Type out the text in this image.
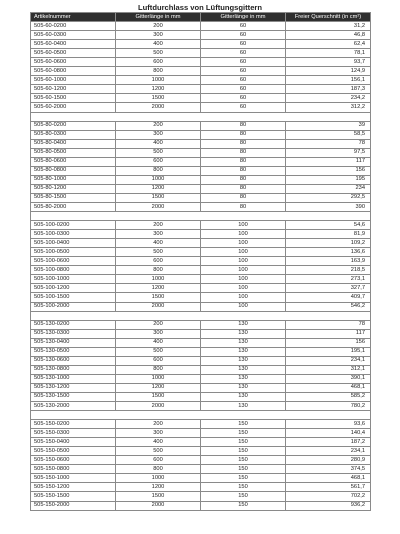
Luftdurchlass von Lüftungsgittern
Artikelnummer	Gitterlänge in mm	Gitterlänge in mm	Freier Querschnitt (in cm²)
505-60-0200	200	60	31,2
505-60-0300	300	60	46,8
505-60-0400	400	60	62,4
505-60-0500	500	60	78,1
505-60-0600	600	60	93,7
505-60-0800	800	60	124,9
505-60-1000	1000	60	156,1
505-60-1200	1200	60	187,3
505-60-1500	1500	60	234,2
505-60-2000	2000	60	312,2

505-80-0200	200	80	39
505-80-0300	300	80	58,5
505-80-0400	400	80	78
505-80-0500	500	80	97,5
505-80-0600	600	80	117
505-80-0800	800	80	156
505-80-1000	1000	80	195
505-80-1200	1200	80	234
505-80-1500	1500	80	292,5
505-80-2000	2000	80	390

505-100-0200	200	100	54,6
505-100-0300	300	100	81,9
505-100-0400	400	100	109,2
505-100-0500	500	100	136,6
505-100-0600	600	100	163,9
505-100-0800	800	100	218,5
505-100-1000	1000	100	273,1
505-100-1200	1200	100	327,7
505-100-1500	1500	100	409,7
505-100-2000	2000	100	546,2

505-130-0200	200	130	78
505-130-0300	300	130	117
505-130-0400	400	130	156
505-130-0500	500	130	195,1
505-130-0600	600	130	234,1
505-130-0800	800	130	312,1
505-130-1000	1000	130	390,1
505-130-1200	1200	130	468,1
505-130-1500	1500	130	585,2
505-130-2000	2000	130	780,2

505-150-0200	200	150	93,6
505-150-0300	300	150	140,4
505-150-0400	400	150	187,2
505-150-0500	500	150	234,1
505-150-0600	600	150	280,9
505-150-0800	800	150	374,5
505-150-1000	1000	150	468,1
505-150-1200	1200	150	561,7
505-150-1500	1500	150	702,2
505-150-2000	2000	150	936,2
